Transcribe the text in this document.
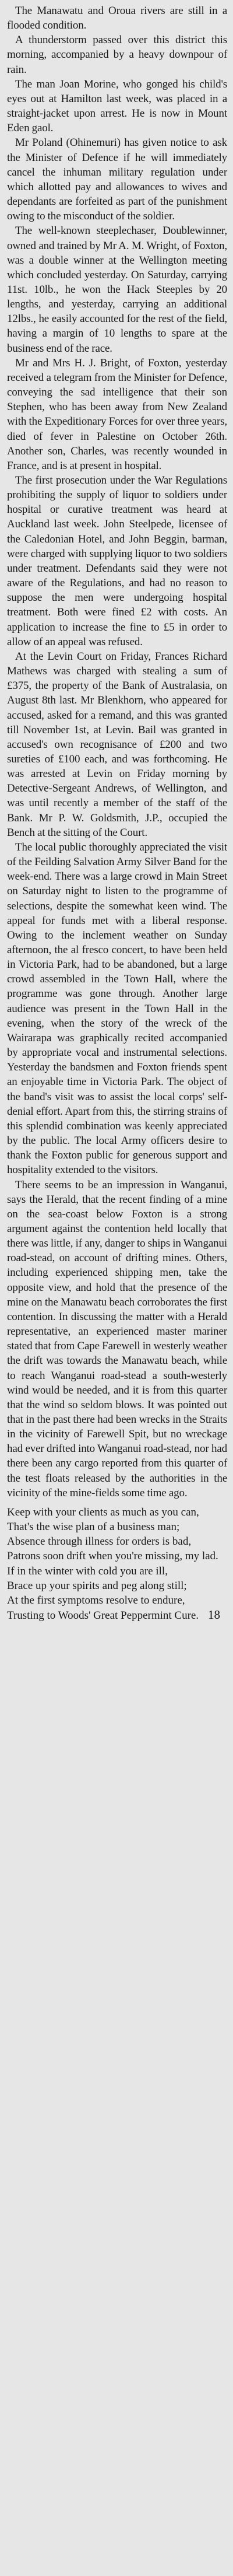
The Manawatu and Oroua rivers are still in a flooded condition.

A thunderstorm passed over this district this morning, accompanied by a heavy downpour of rain.

The man Joan Morine, who gonged his child's eyes out at Hamilton last week, was placed in a straight-jacket upon arrest. He is now in Mount Eden gaol.

Mr Poland (Ohinemuri) has given notice to ask the Minister of Defence if he will immediately cancel the inhuman military regulation under which allotted pay and allowances to wives and dependants are forfeited as part of the punishment owing to the misconduct of the soldier.

The well-known steeplechaser, Doublewinner, owned and trained by Mr A. M. Wright, of Foxton, was a double winner at the Wellington meeting which concluded yesterday. On Saturday, carrying 11st. 10lb., he won the Hack Steeples by 20 lengths, and yesterday, carrying an additional 12lbs., he easily accounted for the rest of the field, having a margin of 10 lengths to spare at the business end of the race.

Mr and Mrs H. J. Bright, of Foxton, yesterday received a telegram from the Minister for Defence, conveying the sad intelligence that their son Stephen, who has been away from New Zealand with the Expeditionary Forces for over three years, died of fever in Palestine on October 26th. Another son, Charles, was recently wounded in France, and is at present in hospital.

The first prosecution under the War Regulations prohibiting the supply of liquor to soldiers under hospital or curative treatment was heard at Auckland last week. John Steelpede, licensee of the Caledonian Hotel, and John Beggin, barman, were charged with supplying liquor to two soldiers under treatment. Defendants said they were not aware of the Regulations, and had no reason to suppose the men were undergoing hospital treatment. Both were fined £2 with costs. An application to increase the fine to £5 in order to allow of an appeal was refused.

At the Levin Court on Friday, Frances Richard Mathews was charged with stealing a sum of £375, the property of the Bank of Australasia, on August 8th last. Mr Blenkhorn, who appeared for accused, asked for a remand, and this was granted till November 1st, at Levin. Bail was granted in accused's own recognisance of £200 and two sureties of £100 each, and was forthcoming. He was arrested at Levin on Friday morning by Detective-Sergeant Andrews, of Wellington, and was until recently a member of the staff of the Bank. Mr P. W. Goldsmith, J.P., occupied the Bench at the sitting of the Court.

The local public thoroughly appreciated the visit of the Feilding Salvation Army Silver Band for the week-end. There was a large crowd in Main Street on Saturday night to listen to the programme of selections, despite the somewhat keen wind. The appeal for funds met with a liberal response. Owing to the inclement weather on Sunday afternoon, the al fresco concert, to have been held in Victoria Park, had to be abandoned, but a large crowd assembled in the Town Hall, where the programme was gone through. Another large audience was present in the Town Hall in the evening, when the story of the wreck of the Wairarapa was graphically recited accompanied by appropriate vocal and instrumental selections. Yesterday the bandsmen and Foxton friends spent an enjoyable time in Victoria Park. The object of the band's visit was to assist the local corps' self-denial effort. Apart from this, the stirring strains of this splendid combination was keenly appreciated by the public. The local Army officers desire to thank the Foxton public for generous support and hospitality extended to the visitors.

There seems to be an impression in Wanganui, says the Herald, that the recent finding of a mine on the sea-coast below Foxton is a strong argument against the contention held locally that there was little, if any, danger to ships in Wanganui road-stead, on account of drifting mines. Others, including experienced shipping men, take the opposite view, and hold that the presence of the mine on the Manawatu beach corroborates the first contention. In discussing the matter with a Herald representative, an experienced master mariner stated that from Cape Farewell in westerly weather the drift was towards the Manawatu beach, while to reach Wanganui road-stead a south-westerly wind would be needed, and it is from this quarter that the wind so seldom blows. It was pointed out that in the past there had been wrecks in the Straits in the vicinity of Farewell Spit, but no wreckage had ever drifted into Wanganui road-stead, nor had there been any cargo reported from this quarter of the test floats released by the authorities in the vicinity of the mine-fields some time ago.

Keep with your clients as much as you can,
That's the wise plan of a business man;
Absence through illness for orders is bad,
Patrons soon drift when you're missing, my lad.
If in the winter with cold you are ill,
Brace up your spirits and peg along still;
At the first symptoms resolve to endure,
Trusting to Woods' Great Peppermint Cure. 18
